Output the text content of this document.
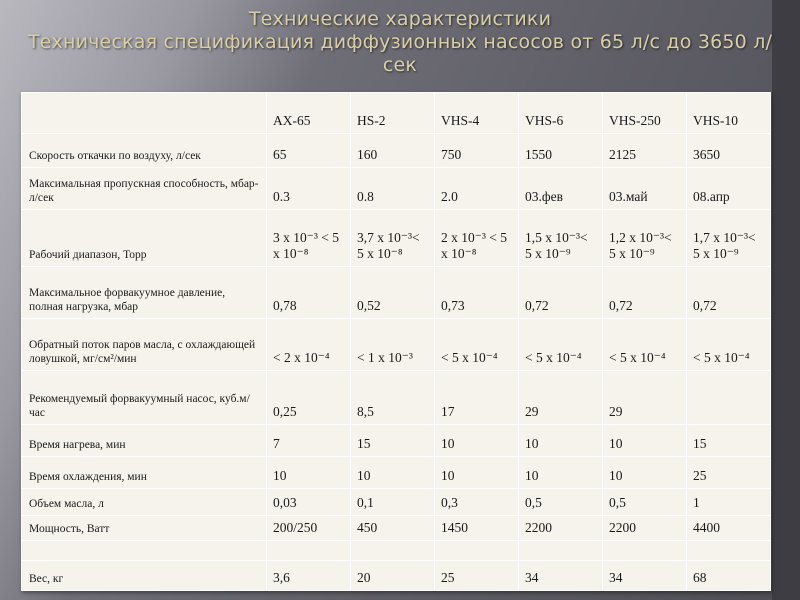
Технические характеристики
Техническая спецификация диффузионных насосов от 65 л/с до 3650 л/сек
	AX-65	HS-2	VHS-4	VHS-6	VHS-250	VHS-10
Скорость откачки по воздуху, л/сек	65	160	750	1550	2125	3650
Максимальная пропускная способность, мбар-л/сек	0.3	0.8	2.0	03.фев	03.май	08.апр
Рабочий диапазон, Торр	3 x 10⁻³ < 5 x 10⁻⁸	3,7 x 10⁻³< 5 x 10⁻⁸	2 x 10⁻³ < 5 x 10⁻⁸	1,5 x 10⁻³< 5 x 10⁻⁹	1,2 x 10⁻³< 5 x 10⁻⁹	1,7 x 10⁻³< 5 x 10⁻⁹
Максимальное форвакуумное давление, полная нагрузка, мбар	0,78	0,52	0,73	0,72	0,72	0,72
Обратный поток паров масла, с охлаждающей ловушкой, мг/см²/мин	< 2 x 10⁻⁴	< 1 x 10⁻³	< 5 x 10⁻⁴	< 5 x 10⁻⁴	< 5 x 10⁻⁴	< 5 x 10⁻⁴
Рекомендуемый форвакуумный насос, куб.м/час	0,25	8,5	17	29	29	
Время нагрева, мин	7	15	10	10	10	15
Время охлаждения, мин	10	10	10	10	10	25
Объем масла, л	0,03	0,1	0,3	0,5	0,5	1
Мощность, Ватт	200/250	450	1450	2200	2200	4400

Вес, кг	3,6	20	25	34	34	68
